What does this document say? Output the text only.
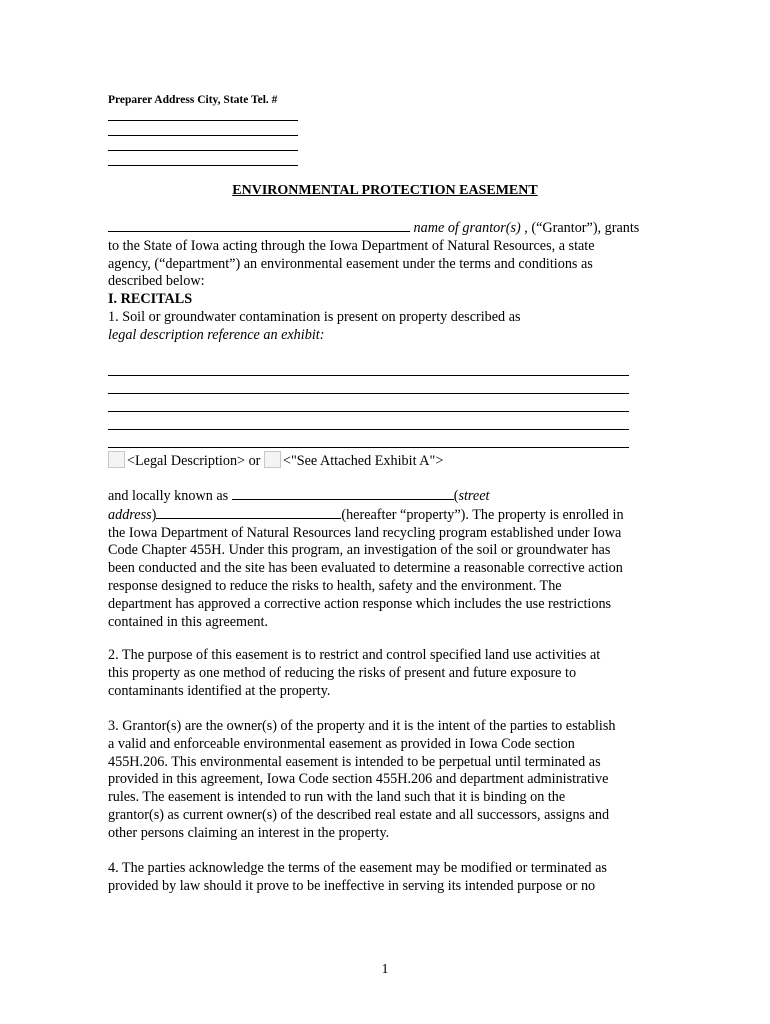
Preparer Address City, State Tel. #
ENVIRONMENTAL PROTECTION EASEMENT
name of grantor(s) , (“Grantor”), grants
to the State of Iowa acting through the Iowa Department of Natural Resources, a state
agency, (“department”) an environmental easement under the terms and conditions as
described below:
I. RECITALS
1. Soil or groundwater contamination is present on property described as
legal description reference an exhibit:
<Legal Description> or <"See Attached Exhibit A">
and locally known as	(street
address)	(hereafter “property”). The property is enrolled in
the Iowa Department of Natural Resources land recycling program established under Iowa
Code Chapter 455H. Under this program, an investigation of the soil or groundwater has
been conducted and the site has been evaluated to determine a reasonable corrective action
response designed to reduce the risks to health, safety and the environment. The
department has approved a corrective action response which includes the use restrictions
contained in this agreement.
2. The purpose of this easement is to restrict and control specified land use activities at
this property as one method of reducing the risks of present and future exposure to
contaminants identified at the property.
3. Grantor(s) are the owner(s) of the property and it is the intent of the parties to establish
a valid and enforceable environmental easement as provided in Iowa Code section
455H.206. This environmental easement is intended to be perpetual until terminated as
provided in this agreement, Iowa Code section 455H.206 and department administrative
rules. The easement is intended to run with the land such that it is binding on the
grantor(s) as current owner(s) of the described real estate and all successors, assigns and
other persons claiming an interest in the property.
4. The parties acknowledge the terms of the easement may be modified or terminated as
provided by law should it prove to be ineffective in serving its intended purpose or no
1
